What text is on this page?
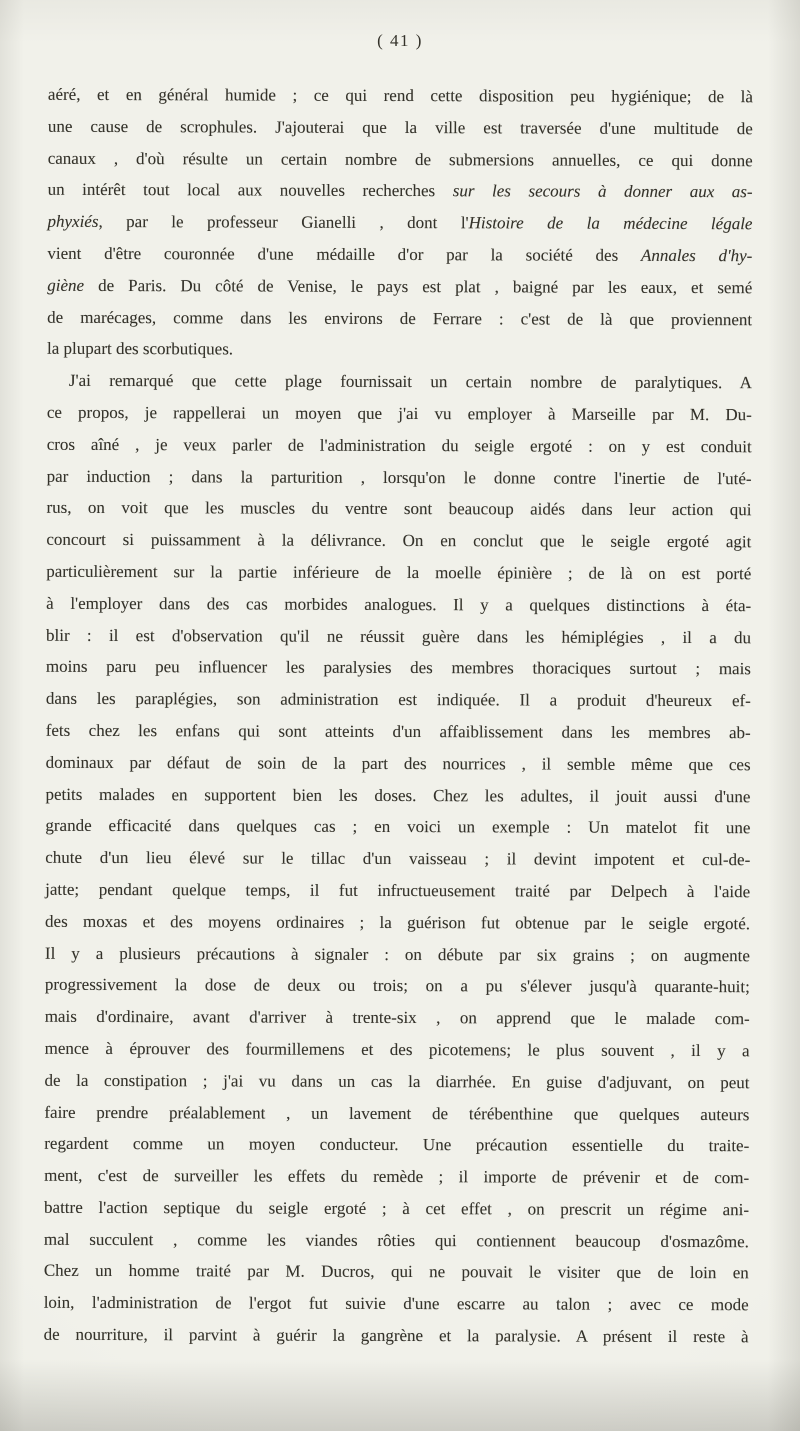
( 41 )
aéré, et en général humide ; ce qui rend cette disposition peu hygiénique; de là
une cause de scrophules. J'ajouterai que la ville est traversée d'une multitude de
canaux , d'où résulte un certain nombre de submersions annuelles, ce qui donne
un intérêt tout local aux nouvelles recherches sur les secours à donner aux as-
phyxiés, par le professeur Gianelli , dont l'Histoire de la médecine légale
vient d'être couronnée d'une médaille d'or par la société des Annales d'hy-
giène de Paris. Du côté de Venise, le pays est plat , baigné par les eaux, et semé
de marécages, comme dans les environs de Ferrare : c'est de là que proviennent
la plupart des scorbutiques.
J'ai remarqué que cette plage fournissait un certain nombre de paralytiques. A
ce propos, je rappellerai un moyen que j'ai vu employer à Marseille par M. Du-
cros aîné , je veux parler de l'administration du seigle ergoté : on y est conduit
par induction ; dans la parturition , lorsqu'on le donne contre l'inertie de l'uté-
rus, on voit que les muscles du ventre sont beaucoup aidés dans leur action qui
concourt si puissamment à la délivrance. On en conclut que le seigle ergoté agit
particulièrement sur la partie inférieure de la moelle épinière ; de là on est porté
à l'employer dans des cas morbides analogues. Il y a quelques distinctions à éta-
blir : il est d'observation qu'il ne réussit guère dans les hémiplégies , il a du
moins paru peu influencer les paralysies des membres thoraciques surtout ; mais
dans les paraplégies, son administration est indiquée. Il a produit d'heureux ef-
fets chez les enfans qui sont atteints d'un affaiblissement dans les membres ab-
dominaux par défaut de soin de la part des nourrices , il semble même que ces
petits malades en supportent bien les doses. Chez les adultes, il jouit aussi d'une
grande efficacité dans quelques cas ; en voici un exemple : Un matelot fit une
chute d'un lieu élevé sur le tillac d'un vaisseau ; il devint impotent et cul-de-
jatte; pendant quelque temps, il fut infructueusement traité par Delpech à l'aide
des moxas et des moyens ordinaires ; la guérison fut obtenue par le seigle ergoté.
Il y a plusieurs précautions à signaler : on débute par six grains ; on augmente
progressivement la dose de deux ou trois; on a pu s'élever jusqu'à quarante-huit;
mais d'ordinaire, avant d'arriver à trente-six , on apprend que le malade com-
mence à éprouver des fourmillemens et des picotemens; le plus souvent , il y a
de la constipation ; j'ai vu dans un cas la diarrhée. En guise d'adjuvant, on peut
faire prendre préalablement , un lavement de térébenthine que quelques auteurs
regardent comme un moyen conducteur. Une précaution essentielle du traite-
ment, c'est de surveiller les effets du remède ; il importe de prévenir et de com-
battre l'action septique du seigle ergoté ; à cet effet , on prescrit un régime ani-
mal succulent , comme les viandes rôties qui contiennent beaucoup d'osmazôme.
Chez un homme traité par M. Ducros, qui ne pouvait le visiter que de loin en
loin, l'administration de l'ergot fut suivie d'une escarre au talon ; avec ce mode
de nourriture, il parvint à guérir la gangrène et la paralysie. A présent il reste à
